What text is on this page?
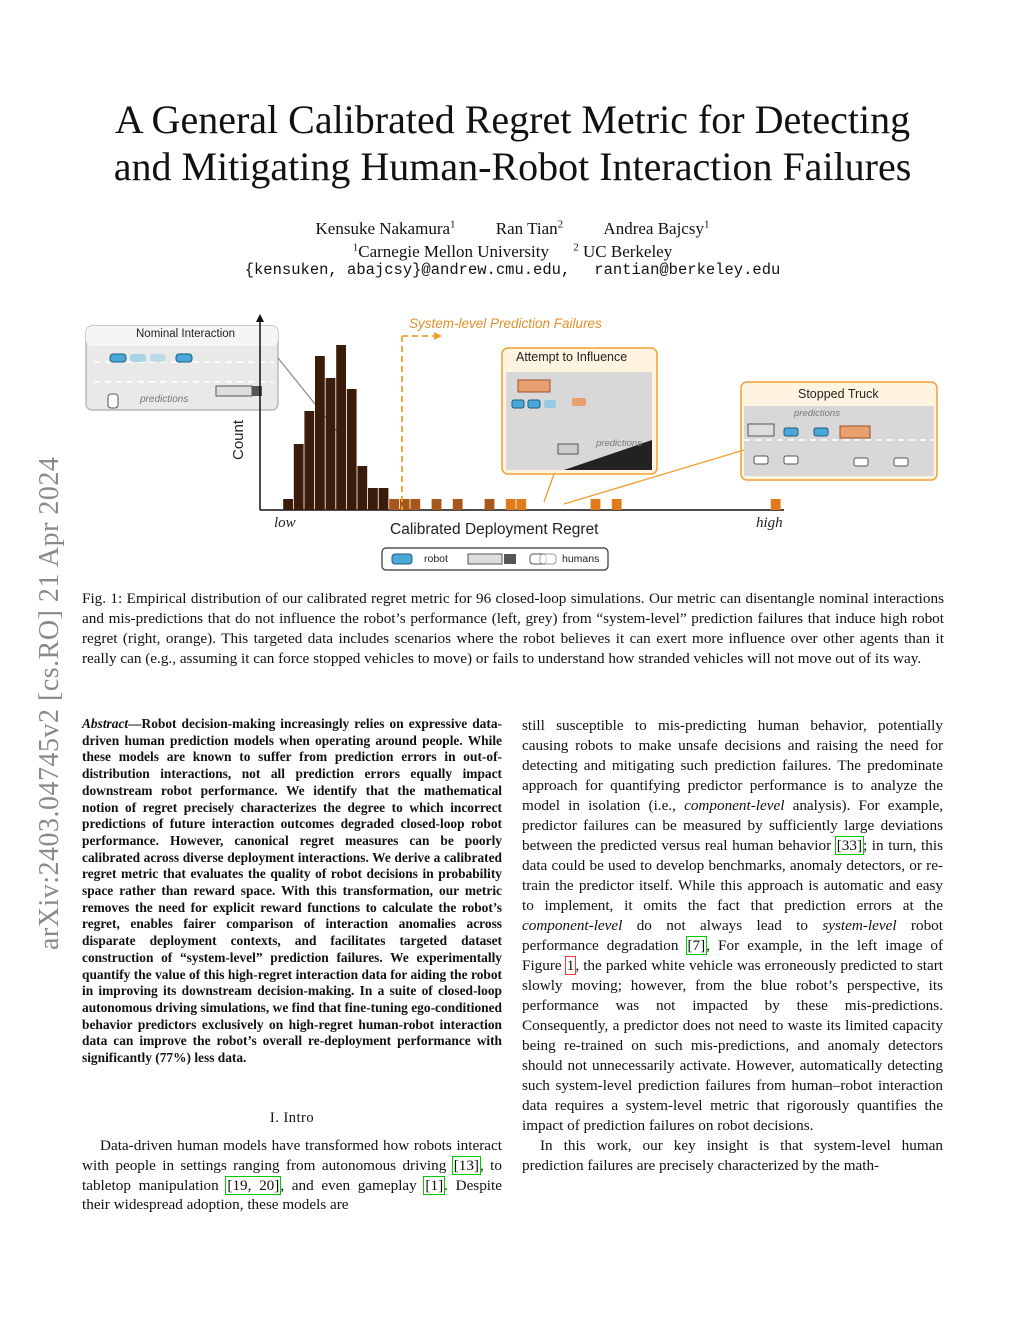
arXiv:2403.04745v2 [cs.RO] 21 Apr 2024
A General Calibrated Regret Metric for Detecting
and Mitigating Human-Robot Interaction Failures
Kensuke Nakamura$^1$ Ran Tian$^2$ Andrea Bajcsy$^1$
$^1$Carnegie Mellon University $^2$ UC Berkeley
{kensuken, abajcsy}@andrew.cmu.edu, rantian@berkeley.edu
Nominal Interaction
predictions
System-level Prediction Failures
Attempt to Influence
predictions
Stopped Truck
predictions
Count
low	Calibrated Deployment Regret	high
robot	humans
Fig. 1: Empirical distribution of our calibrated regret metric for 96 closed-loop simulations. Our metric can disentangle nominal interactions and mis-predictions that do not influence the robot’s performance (left, grey) from “system-level” prediction failures that induce high robot regret (right, orange). This targeted data includes scenarios where the robot believes it can exert more influence over other agents than it really can (e.g., assuming it can force stopped vehicles to move) or fails to understand how stranded vehicles will not move out of its way.
Abstract—Robot decision-making increasingly relies on expressive data-driven human prediction models when operating around people. While these models are known to suffer from prediction errors in out-of-distribution interactions, not all prediction errors equally impact downstream robot performance. We identify that the mathematical notion of regret precisely characterizes the degree to which incorrect predictions of future interaction outcomes degraded closed-loop robot performance. However, canonical regret measures can be poorly calibrated across diverse deployment interactions. We derive a calibrated regret metric that evaluates the quality of robot decisions in probability space rather than reward space. With this transformation, our metric removes the need for explicit reward functions to calculate the robot’s regret, enables fairer comparison of interaction anomalies across disparate deployment contexts, and facilitates targeted dataset construction of “system-level” prediction failures. We experimentally quantify the value of this high-regret interaction data for aiding the robot in improving its downstream decision-making. In a suite of closed-loop autonomous driving simulations, we find that fine-tuning ego-conditioned behavior predictors exclusively on high-regret human-robot interaction data can improve the robot’s overall re-deployment performance with significantly (77%) less data.
I. Intro
Data-driven human models have transformed how robots interact with people in settings ranging from autonomous driving [13], to tabletop manipulation [19, 20], and even gameplay [1]. Despite their widespread adoption, these models are

still susceptible to mis-predicting human behavior, potentially causing robots to make unsafe decisions and raising the need for detecting and mitigating such prediction failures. The predominate approach for quantifying predictor performance is to analyze the model in isolation (i.e., component-level analysis). For example, predictor failures can be measured by sufficiently large deviations between the predicted versus real human behavior [33]; in turn, this data could be used to develop benchmarks, anomaly detectors, or re-train the predictor itself. While this approach is automatic and easy to implement, it omits the fact that prediction errors at the component-level do not always lead to system-level robot performance degradation [7], For example, in the left image of Figure 1, the parked white vehicle was erroneously predicted to start slowly moving; however, from the blue robot’s perspective, its performance was not impacted by these mis-predictions. Consequently, a predictor does not need to waste its limited capacity being re-trained on such mis-predictions, and anomaly detectors should not unnecessarily activate. However, automatically detecting such system-level prediction failures from human–robot interaction data requires a system-level metric that rigorously quantifies the impact of prediction failures on robot decisions.

In this work, our key insight is that system-level human prediction failures are precisely characterized by the math-
